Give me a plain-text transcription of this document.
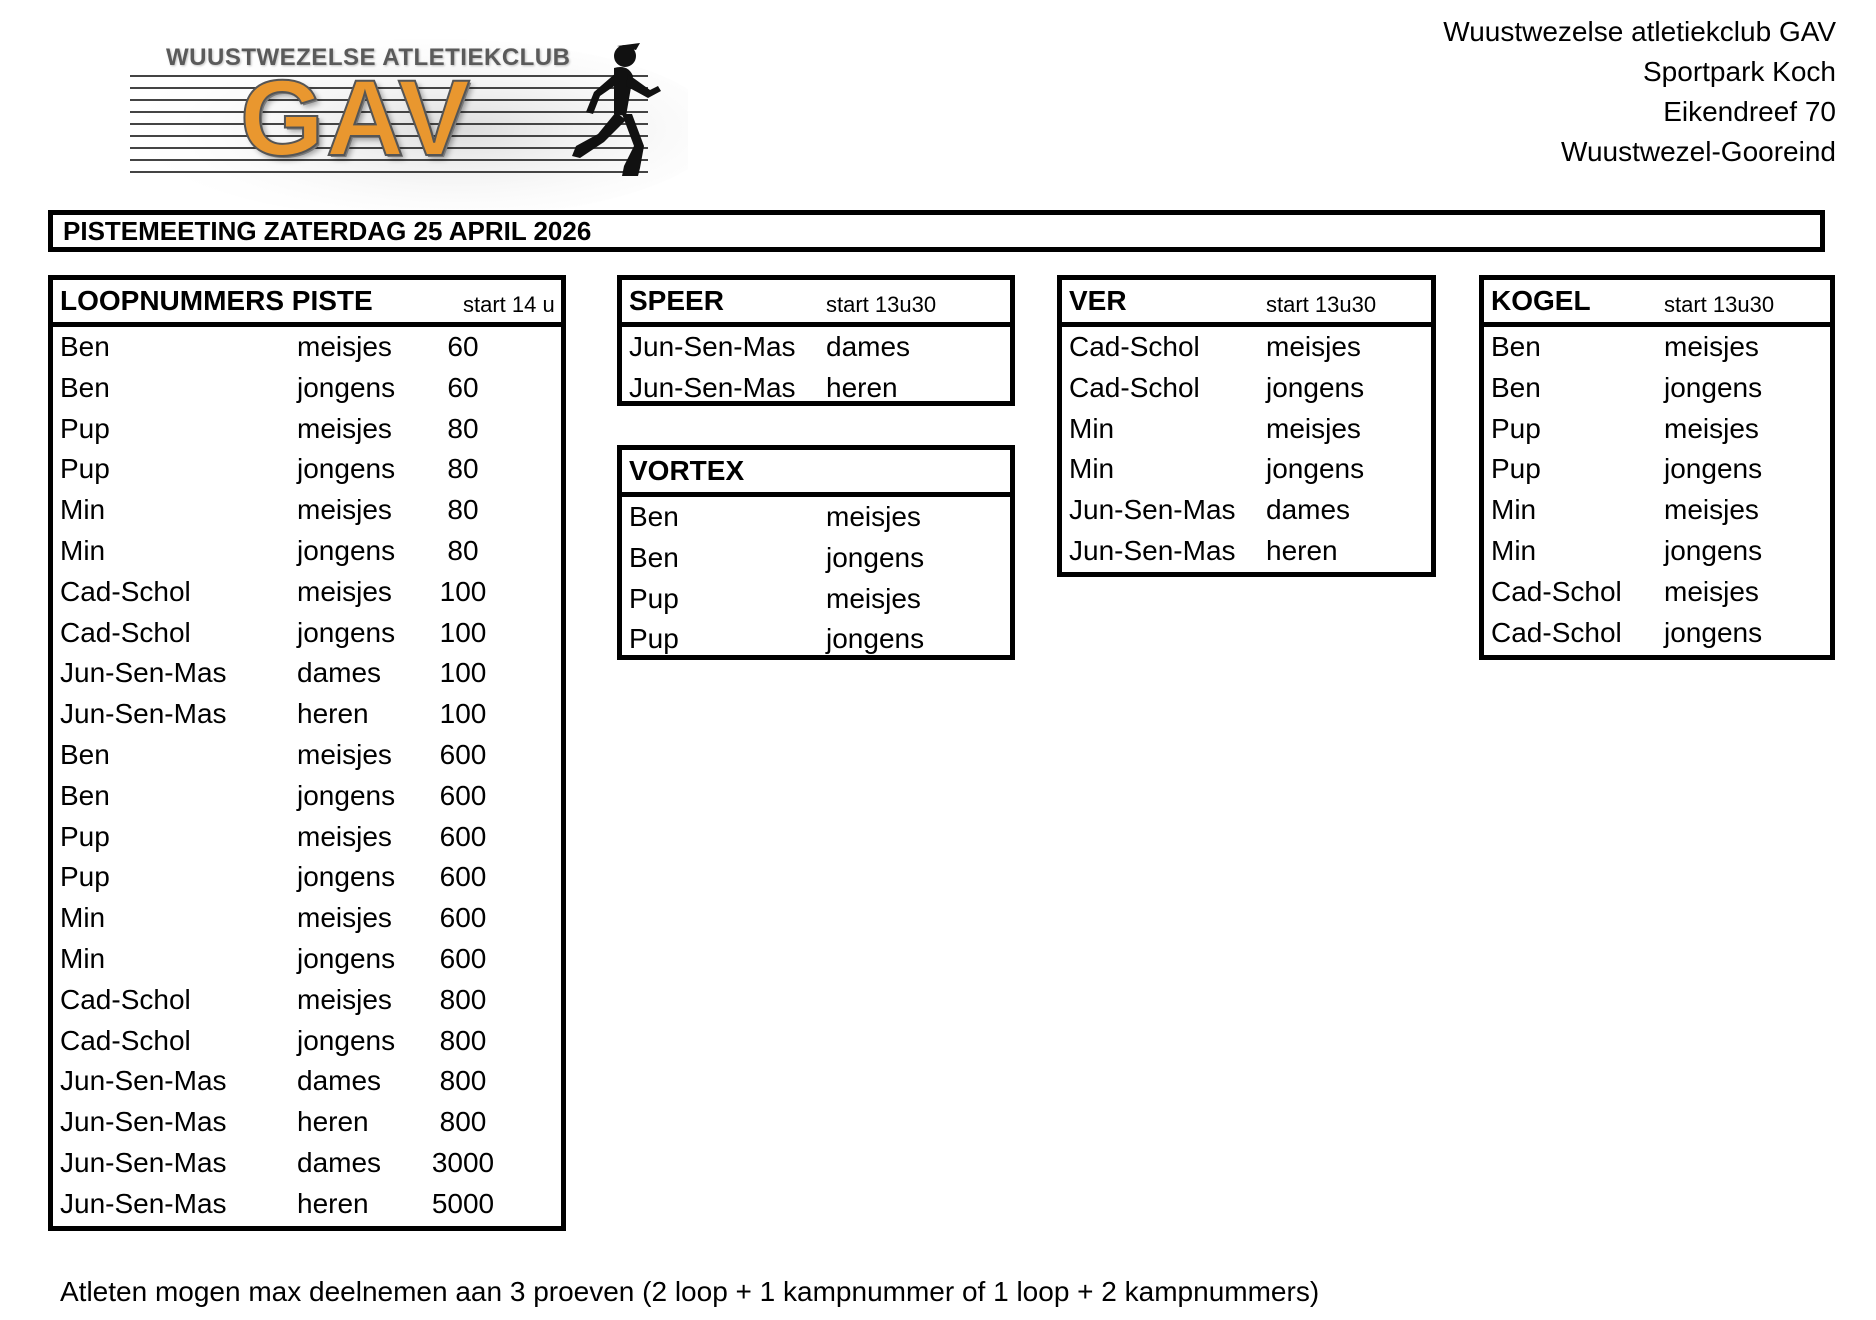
WUUSTWEZELSE ATLETIEKCLUB
GAV
Wuustwezelse atletiekclub GAV
Sportpark Koch
Eikendreef 70
Wuustwezel-Gooreind
PISTEMEETING ZATERDAG 25 APRIL 2026
LOOPNUMMERS PISTE	start 14 u
Ben	meisjes	60
Ben	jongens	60
Pup	meisjes	80
Pup	jongens	80
Min	meisjes	80
Min	jongens	80
Cad-Schol	meisjes	100
Cad-Schol	jongens	100
Jun-Sen-Mas	dames	100
Jun-Sen-Mas	heren	100
Ben	meisjes	600
Ben	jongens	600
Pup	meisjes	600
Pup	jongens	600
Min	meisjes	600
Min	jongens	600
Cad-Schol	meisjes	800
Cad-Schol	jongens	800
Jun-Sen-Mas	dames	800
Jun-Sen-Mas	heren	800
Jun-Sen-Mas	dames	3000
Jun-Sen-Mas	heren	5000
SPEER	start 13u30
Jun-Sen-Mas dames
Jun-Sen-Mas heren
VORTEX
Ben	meisjes
Ben	jongens
Pup	meisjes
Pup	jongens
VER	start 13u30
Cad-Schol meisjes
Cad-Schol jongens
Min	meisjes
Min	jongens
Jun-Sen-Mas dames
Jun-Sen-Mas heren
KOGEL	start 13u30
Ben	meisjes
Ben	jongens
Pup	meisjes
Pup	jongens
Min	meisjes
Min	jongens
Cad-Schol meisjes
Cad-Schol jongens
Atleten mogen max deelnemen aan 3 proeven (2 loop + 1 kampnummer of 1 loop + 2 kampnummers)
